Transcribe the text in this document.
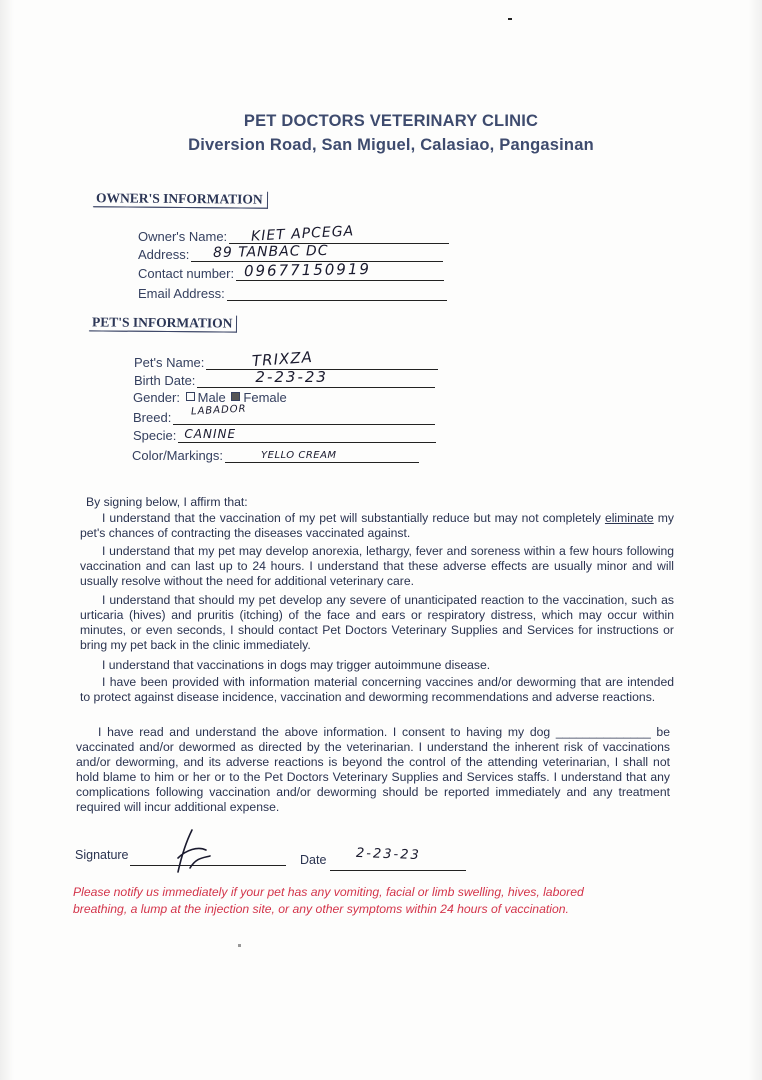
PET DOCTORS VETERINARY CLINIC
Diversion Road, San Miguel, Calasiao, Pangasinan
OWNER'S INFORMATION
Owner's Name: KIET APCEGA
Address: 89 TANBAC DC
Contact number: 09677150919
Email Address:
PET'S INFORMATION
Pet's Name:	TRIXZA
Birth Date:	2-23-23
Gender: Male Female
Breed: LABADOR
Specie: CANINE
Color/Markings:	YELLO CREAM
By signing below, I affirm that:
I understand that the vaccination of my pet will substantially reduce but may not completely eliminate my pet's chances of contracting the diseases vaccinated against.
I understand that my pet may develop anorexia, lethargy, fever and soreness within a few hours following vaccination and can last up to 24 hours. I understand that these adverse effects are usually minor and will usually resolve without the need for additional veterinary care.
I understand that should my pet develop any severe of unanticipated reaction to the vaccination, such as urticaria (hives) and pruritis (itching) of the face and ears or respiratory distress, which may occur within minutes, or even seconds, I should contact Pet Doctors Veterinary Supplies and Services for instructions or bring my pet back in the clinic immediately.
I understand that vaccinations in dogs may trigger autoimmune disease.
I have been provided with information material concerning vaccines and/or deworming that are intended to protect against disease incidence, vaccination and deworming recommendations and adverse reactions.
I have read and understand the above information. I consent to having my dog ______________ be vaccinated and/or dewormed as directed by the veterinarian. I understand the inherent risk of vaccinations and/or deworming, and its adverse reactions is beyond the control of the attending veterinarian, I shall not hold blame to him or her or to the Pet Doctors Veterinary Supplies and Services staffs. I understand that any complications following vaccination and/or deworming should be reported immediately and any treatment required will incur additional expense.
Signature	Date 2-23-23
Please notify us immediately if your pet has any vomiting, facial or limb swelling, hives, labored breathing, a lump at the injection site, or any other symptoms within 24 hours of vaccination.
